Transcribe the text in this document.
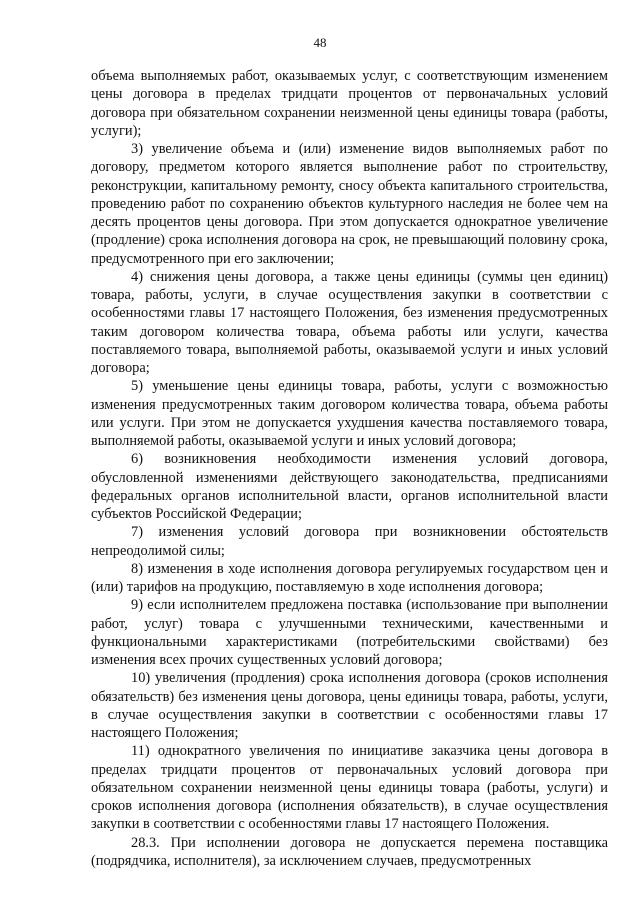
48

объема выполняемых работ, оказываемых услуг, с соответствующим изменением цены договора в пределах тридцати процентов от первоначальных условий договора при обязательном сохранении неизменной цены единицы товара (работы, услуги);

3) увеличение объема и (или) изменение видов выполняемых работ по договору, предметом которого является выполнение работ по строительству, реконструкции, капитальному ремонту, сносу объекта капитального строительства, проведению работ по сохранению объектов культурного наследия не более чем на десять процентов цены договора. При этом допускается однократное увеличение (продление) срока исполнения договора на срок, не превышающий половину срока, предусмотренного при его заключении;

4) снижения цены договора, а также цены единицы (суммы цен единиц) товара, работы, услуги, в случае осуществления закупки в соответствии с особенностями главы 17 настоящего Положения, без изменения предусмотренных таким договором количества товара, объема работы или услуги, качества поставляемого товара, выполняемой работы, оказываемой услуги и иных условий договора;

5) уменьшение цены единицы товара, работы, услуги с возможностью изменения предусмотренных таким договором количества товара, объема работы или услуги. При этом не допускается ухудшения качества поставляемого товара, выполняемой работы, оказываемой услуги и иных условий договора;

6) возникновения необходимости изменения условий договора, обусловленной изменениями действующего законодательства, предписаниями федеральных органов исполнительной власти, органов исполнительной власти субъектов Российской Федерации;

7) изменения условий договора при возникновении обстоятельств непреодолимой силы;

8) изменения в ходе исполнения договора регулируемых государством цен и (или) тарифов на продукцию, поставляемую в ходе исполнения договора;

9) если исполнителем предложена поставка (использование при выполнении работ, услуг) товара с улучшенными техническими, качественными и функциональными характеристиками (потребительскими свойствами) без изменения всех прочих существенных условий договора;

10) увеличения (продления) срока исполнения договора (сроков исполнения обязательств) без изменения цены договора, цены единицы товара, работы, услуги, в случае осуществления закупки в соответствии с особенностями главы 17 настоящего Положения;

11) однократного увеличения по инициативе заказчика цены договора в пределах тридцати процентов от первоначальных условий договора при обязательном сохранении неизменной цены единицы товара (работы, услуги) и сроков исполнения договора (исполнения обязательств), в случае осуществления закупки в соответствии с особенностями главы 17 настоящего Положения.

28.3. При исполнении договора не допускается перемена поставщика (подрядчика, исполнителя), за исключением случаев, предусмотренных
